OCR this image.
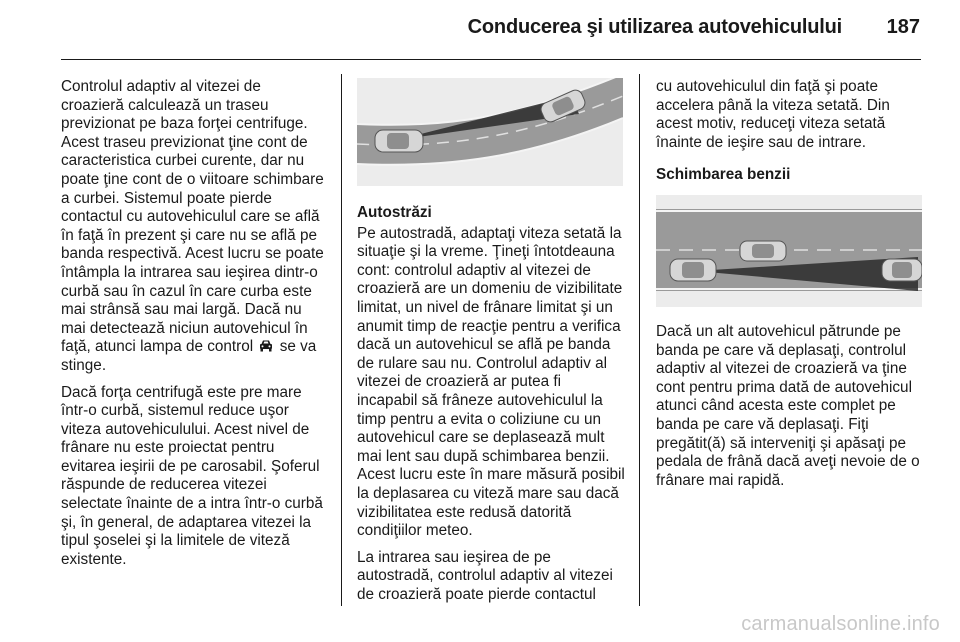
Conducerea şi utilizarea autovehiculului 187

Controlul adaptiv al vitezei de croazieră calculează un traseu previzionat pe baza forţei centrifuge. Acest traseu previzionat ţine cont de caracteristica curbei curente, dar nu poate ţine cont de o viitoare schimbare a curbei. Sistemul poate pierde contactul cu autovehiculul care se află în faţă în prezent şi care nu se află pe banda respectivă. Acest lucru se poate întâmpla la intrarea sau ieşirea dintr-o curbă sau în cazul în care curba este mai strânsă sau mai largă. Dacă nu mai detectează niciun autovehicul în faţă, atunci lampa de control se va stinge.

Dacă forţa centrifugă este pre mare într-o curbă, sistemul reduce uşor viteza autovehiculului. Acest nivel de frânare nu este proiectat pentru evitarea ieşirii de pe carosabil. Şoferul răspunde de reducerea vitezei selectate înainte de a intra într-o curbă şi, în general, de adaptarea vitezei la tipul şoselei şi la limitele de viteză existente.

Autostrăzi

Pe autostradă, adaptaţi viteza setată la situaţie şi la vreme. Ţineţi întotdeauna cont: controlul adaptiv al vitezei de croazieră are un domeniu de vizibilitate limitat, un nivel de frânare limitat şi un anumit timp de reacţie pentru a verifica dacă un autovehicul se află pe banda de rulare sau nu. Controlul adaptiv al vitezei de croazieră ar putea fi incapabil să frâneze autovehiculul la timp pentru a evita o coliziune cu un autovehicul care se deplasează mult mai lent sau după schimbarea benzii. Acest lucru este în mare măsură posibil la deplasarea cu viteză mare sau dacă vizibilitatea este redusă datorită condiţiilor meteo.

La intrarea sau ieşirea de pe autostradă, controlul adaptiv al vitezei de croazieră poate pierde contactul

cu autovehiculul din faţă şi poate accelera până la viteza setată. Din acest motiv, reduceţi viteza setată înainte de ieşire sau de intrare.

Schimbarea benzii

Dacă un alt autovehicul pătrunde pe banda pe care vă deplasaţi, controlul adaptiv al vitezei de croazieră va ţine cont pentru prima dată de autovehicul atunci când acesta este complet pe banda pe care vă deplasaţi. Fiţi pregătit(ă) să interveniţi şi apăsaţi pe pedala de frână dacă aveţi nevoie de o frânare mai rapidă.

carmanualsonline.info
